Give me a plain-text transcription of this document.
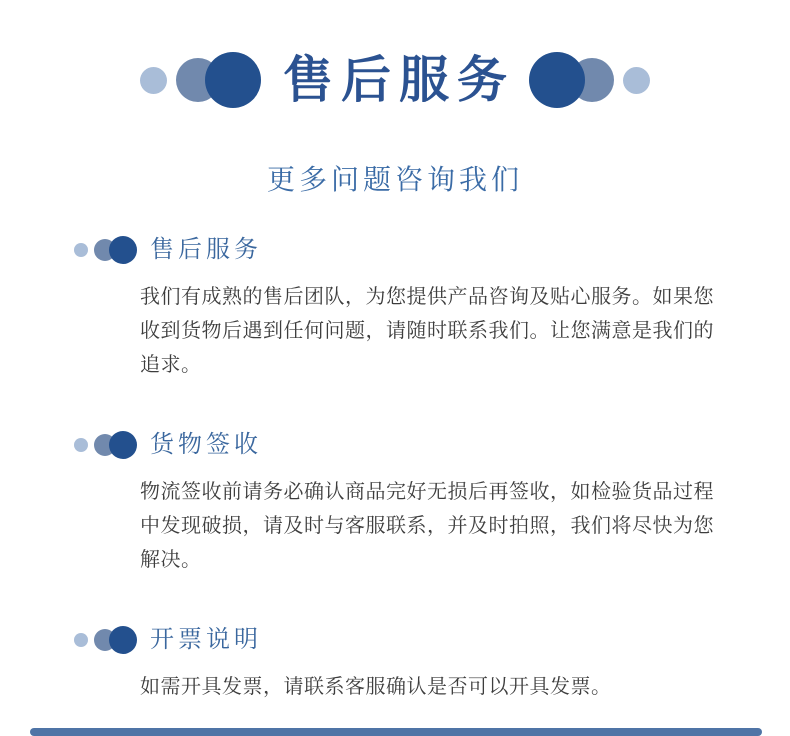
售后服务

更多问题咨询我们

售后服务

我们有成熟的售后团队，为您提供产品咨询及贴心服务。如果您收到货物后遇到任何问题，请随时联系我们。让您满意是我们的追求。

货物签收

物流签收前请务必确认商品完好无损后再签收，如检验货品过程中发现破损，请及时与客服联系，并及时拍照，我们将尽快为您解决。

开票说明

如需开具发票，请联系客服确认是否可以开具发票。
